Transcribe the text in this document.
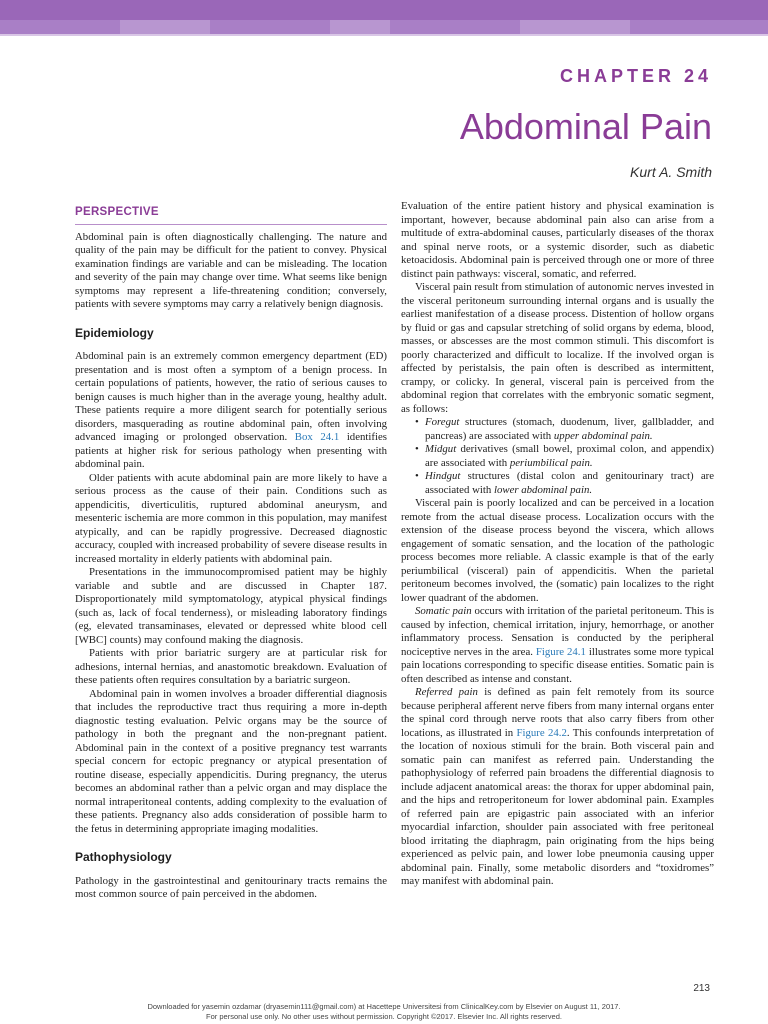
CHAPTER 24
Abdominal Pain
Kurt A. Smith
PERSPECTIVE

Abdominal pain is often diagnostically challenging. The nature and quality of the pain may be difficult for the patient to convey. Physical examination findings are variable and can be misleading. The location and severity of the pain may change over time. What seems like benign symptoms may represent a life-threatening condition; conversely, patients with severe symptoms may carry a relatively benign diagnosis.

Epidemiology

Abdominal pain is an extremely common emergency department (ED) presentation and is most often a symptom of a benign process. In certain populations of patients, however, the ratio of serious causes to benign causes is much higher than in the average young, healthy adult. These patients require a more diligent search for potentially serious disorders, masquerading as routine abdominal pain, often involving advanced imaging or prolonged observation. Box 24.1 identifies patients at higher risk for serious pathology when presenting with abdominal pain.

Older patients with acute abdominal pain are more likely to have a serious process as the cause of their pain. Conditions such as appendicitis, diverticulitis, ruptured abdominal aneurysm, and mesenteric ischemia are more common in this population, may manifest atypically, and can be rapidly progressive. Decreased diagnostic accuracy, coupled with increased probability of severe disease results in increased mortality in elderly patients with abdominal pain.

Presentations in the immunocompromised patient may be highly variable and subtle and are discussed in Chapter 187. Disproportionately mild symptomatology, atypical physical findings (such as, lack of focal tenderness), or misleading laboratory findings (eg, elevated transaminases, elevated or depressed white blood cell [WBC] counts) may confound making the diagnosis.

Patients with prior bariatric surgery are at particular risk for adhesions, internal hernias, and anastomotic breakdown. Evaluation of these patients often requires consultation by a bariatric surgeon.

Abdominal pain in women involves a broader differential diagnosis that includes the reproductive tract thus requiring a more in-depth diagnostic testing evaluation. Pelvic organs may be the source of pathology in both the pregnant and the non-pregnant patient. Abdominal pain in the context of a positive pregnancy test warrants special concern for ectopic pregnancy or atypical presentation of routine disease, especially appendicitis. During pregnancy, the uterus becomes an abdominal rather than a pelvic organ and may displace the normal intraperitoneal contents, adding complexity to the evaluation of these patients. Pregnancy also adds consideration of possible harm to the fetus in determining appropriate imaging modalities.

Pathophysiology

Pathology in the gastrointestinal and genitourinary tracts remains the most common source of pain perceived in the abdomen.

Evaluation of the entire patient history and physical examination is important, however, because abdominal pain also can arise from a multitude of extra-abdominal causes, particularly diseases of the thorax and spinal nerve roots, or a systemic disorder, such as diabetic ketoacidosis. Abdominal pain is perceived through one or more of three distinct pain pathways: visceral, somatic, and referred.

Visceral pain result from stimulation of autonomic nerves invested in the visceral peritoneum surrounding internal organs and is usually the earliest manifestation of a disease process. Distention of hollow organs by fluid or gas and capsular stretching of solid organs by edema, blood, masses, or abscesses are the most common stimuli. This discomfort is poorly characterized and difficult to localize. If the involved organ is affected by peristalsis, the pain often is described as intermittent, crampy, or colicky. In general, visceral pain is perceived from the abdominal region that correlates with the embryonic somatic segment, as follows:

• Foregut structures (stomach, duodenum, liver, gallbladder, and pancreas) are associated with upper abdominal pain.
• Midgut derivatives (small bowel, proximal colon, and appendix) are associated with periumbilical pain.
• Hindgut structures (distal colon and genitourinary tract) are associated with lower abdominal pain.

Visceral pain is poorly localized and can be perceived in a location remote from the actual disease process. Localization occurs with the extension of the disease process beyond the viscera, which allows engagement of somatic sensation, and the location of the pathologic process becomes more reliable. A classic example is that of the early periumbilical (visceral) pain of appendicitis. When the parietal peritoneum becomes involved, the (somatic) pain localizes to the right lower quadrant of the abdomen.

Somatic pain occurs with irritation of the parietal peritoneum. This is caused by infection, chemical irritation, injury, hemorrhage, or another inflammatory process. Sensation is conducted by the peripheral nociceptive nerves in the area. Figure 24.1 illustrates some more typical pain locations corresponding to specific disease entities. Somatic pain is often described as intense and constant.

Referred pain is defined as pain felt remotely from its source because peripheral afferent nerve fibers from many internal organs enter the spinal cord through nerve roots that also carry fibers from other locations, as illustrated in Figure 24.2. This confounds interpretation of the location of noxious stimuli for the brain. Both visceral pain and somatic pain can manifest as referred pain. Understanding the pathophysiology of referred pain broadens the differential diagnosis to include adjacent anatomical areas: the thorax for upper abdominal pain, and the hips and retroperitoneum for lower abdominal pain. Examples of referred pain are epigastric pain associated with an inferior myocardial infarction, shoulder pain associated with free peritoneal blood irritating the diaphragm, pain originating from the hips being experienced as pelvic pain, and lower lobe pneumonia causing upper abdominal pain. Finally, some metabolic disorders and “toxidromes” may manifest with abdominal pain.

213
Downloaded for yasemin ozdamar (dryasemin111@gmail.com) at Hacettepe Universitesi from ClinicalKey.com by Elsevier on August 11, 2017.
For personal use only. No other uses without permission. Copyright ©2017. Elsevier Inc. All rights reserved.
